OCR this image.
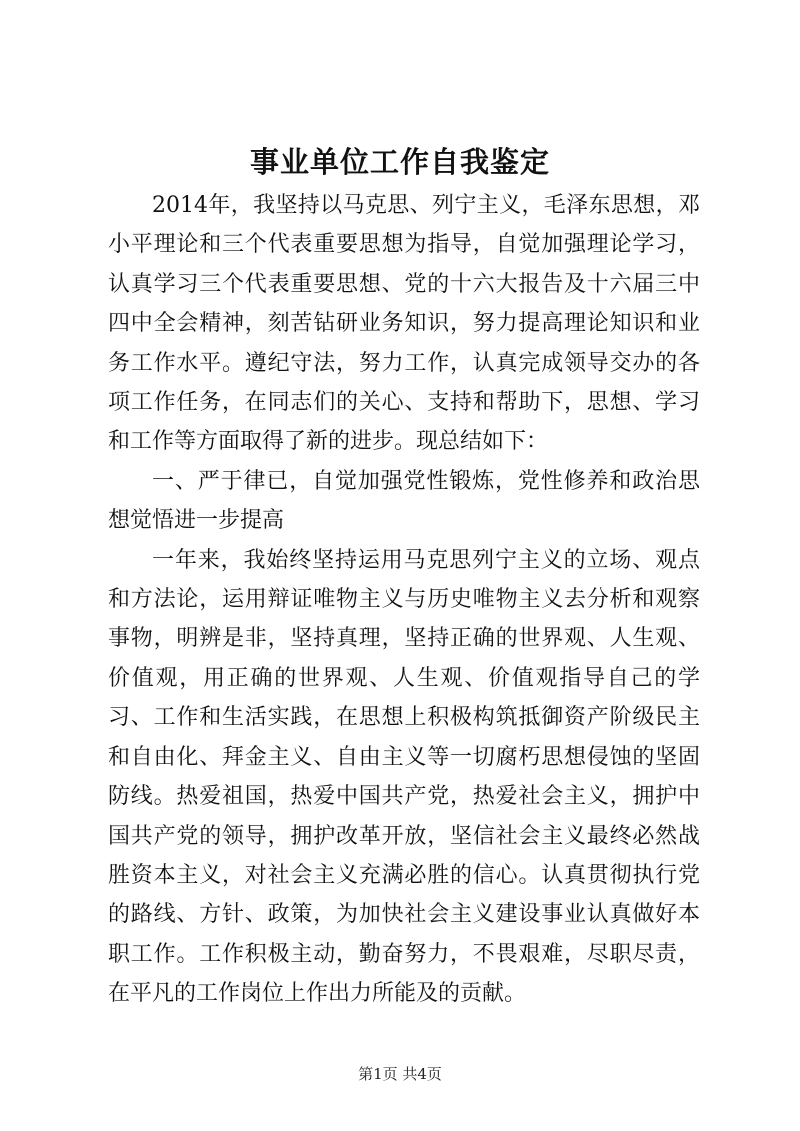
事业单位工作自我鉴定

2014年，我坚持以马克思、列宁主义，毛泽东思想，邓小平理论和三个代表重要思想为指导，自觉加强理论学习，认真学习三个代表重要思想、党的十六大报告及十六届三中四中全会精神，刻苦钻研业务知识，努力提高理论知识和业务工作水平。遵纪守法，努力工作，认真完成领导交办的各项工作任务，在同志们的关心、支持和帮助下，思想、学习和工作等方面取得了新的进步。现总结如下：

一、严于律已，自觉加强党性锻炼，党性修养和政治思想觉悟进一步提高

一年来，我始终坚持运用马克思列宁主义的立场、观点和方法论，运用辩证唯物主义与历史唯物主义去分析和观察事物，明辨是非，坚持真理，坚持正确的世界观、人生观、价值观，用正确的世界观、人生观、价值观指导自己的学习、工作和生活实践，在思想上积极构筑抵御资产阶级民主和自由化、拜金主义、自由主义等一切腐朽思想侵蚀的坚固防线。热爱祖国，热爱中国共产党，热爱社会主义，拥护中国共产党的领导，拥护改革开放，坚信社会主义最终必然战胜资本主义，对社会主义充满必胜的信心。认真贯彻执行党的路线、方针、政策，为加快社会主义建设事业认真做好本职工作。工作积极主动，勤奋努力，不畏艰难，尽职尽责，在平凡的工作岗位上作出力所能及的贡献。

第1页 共4页
